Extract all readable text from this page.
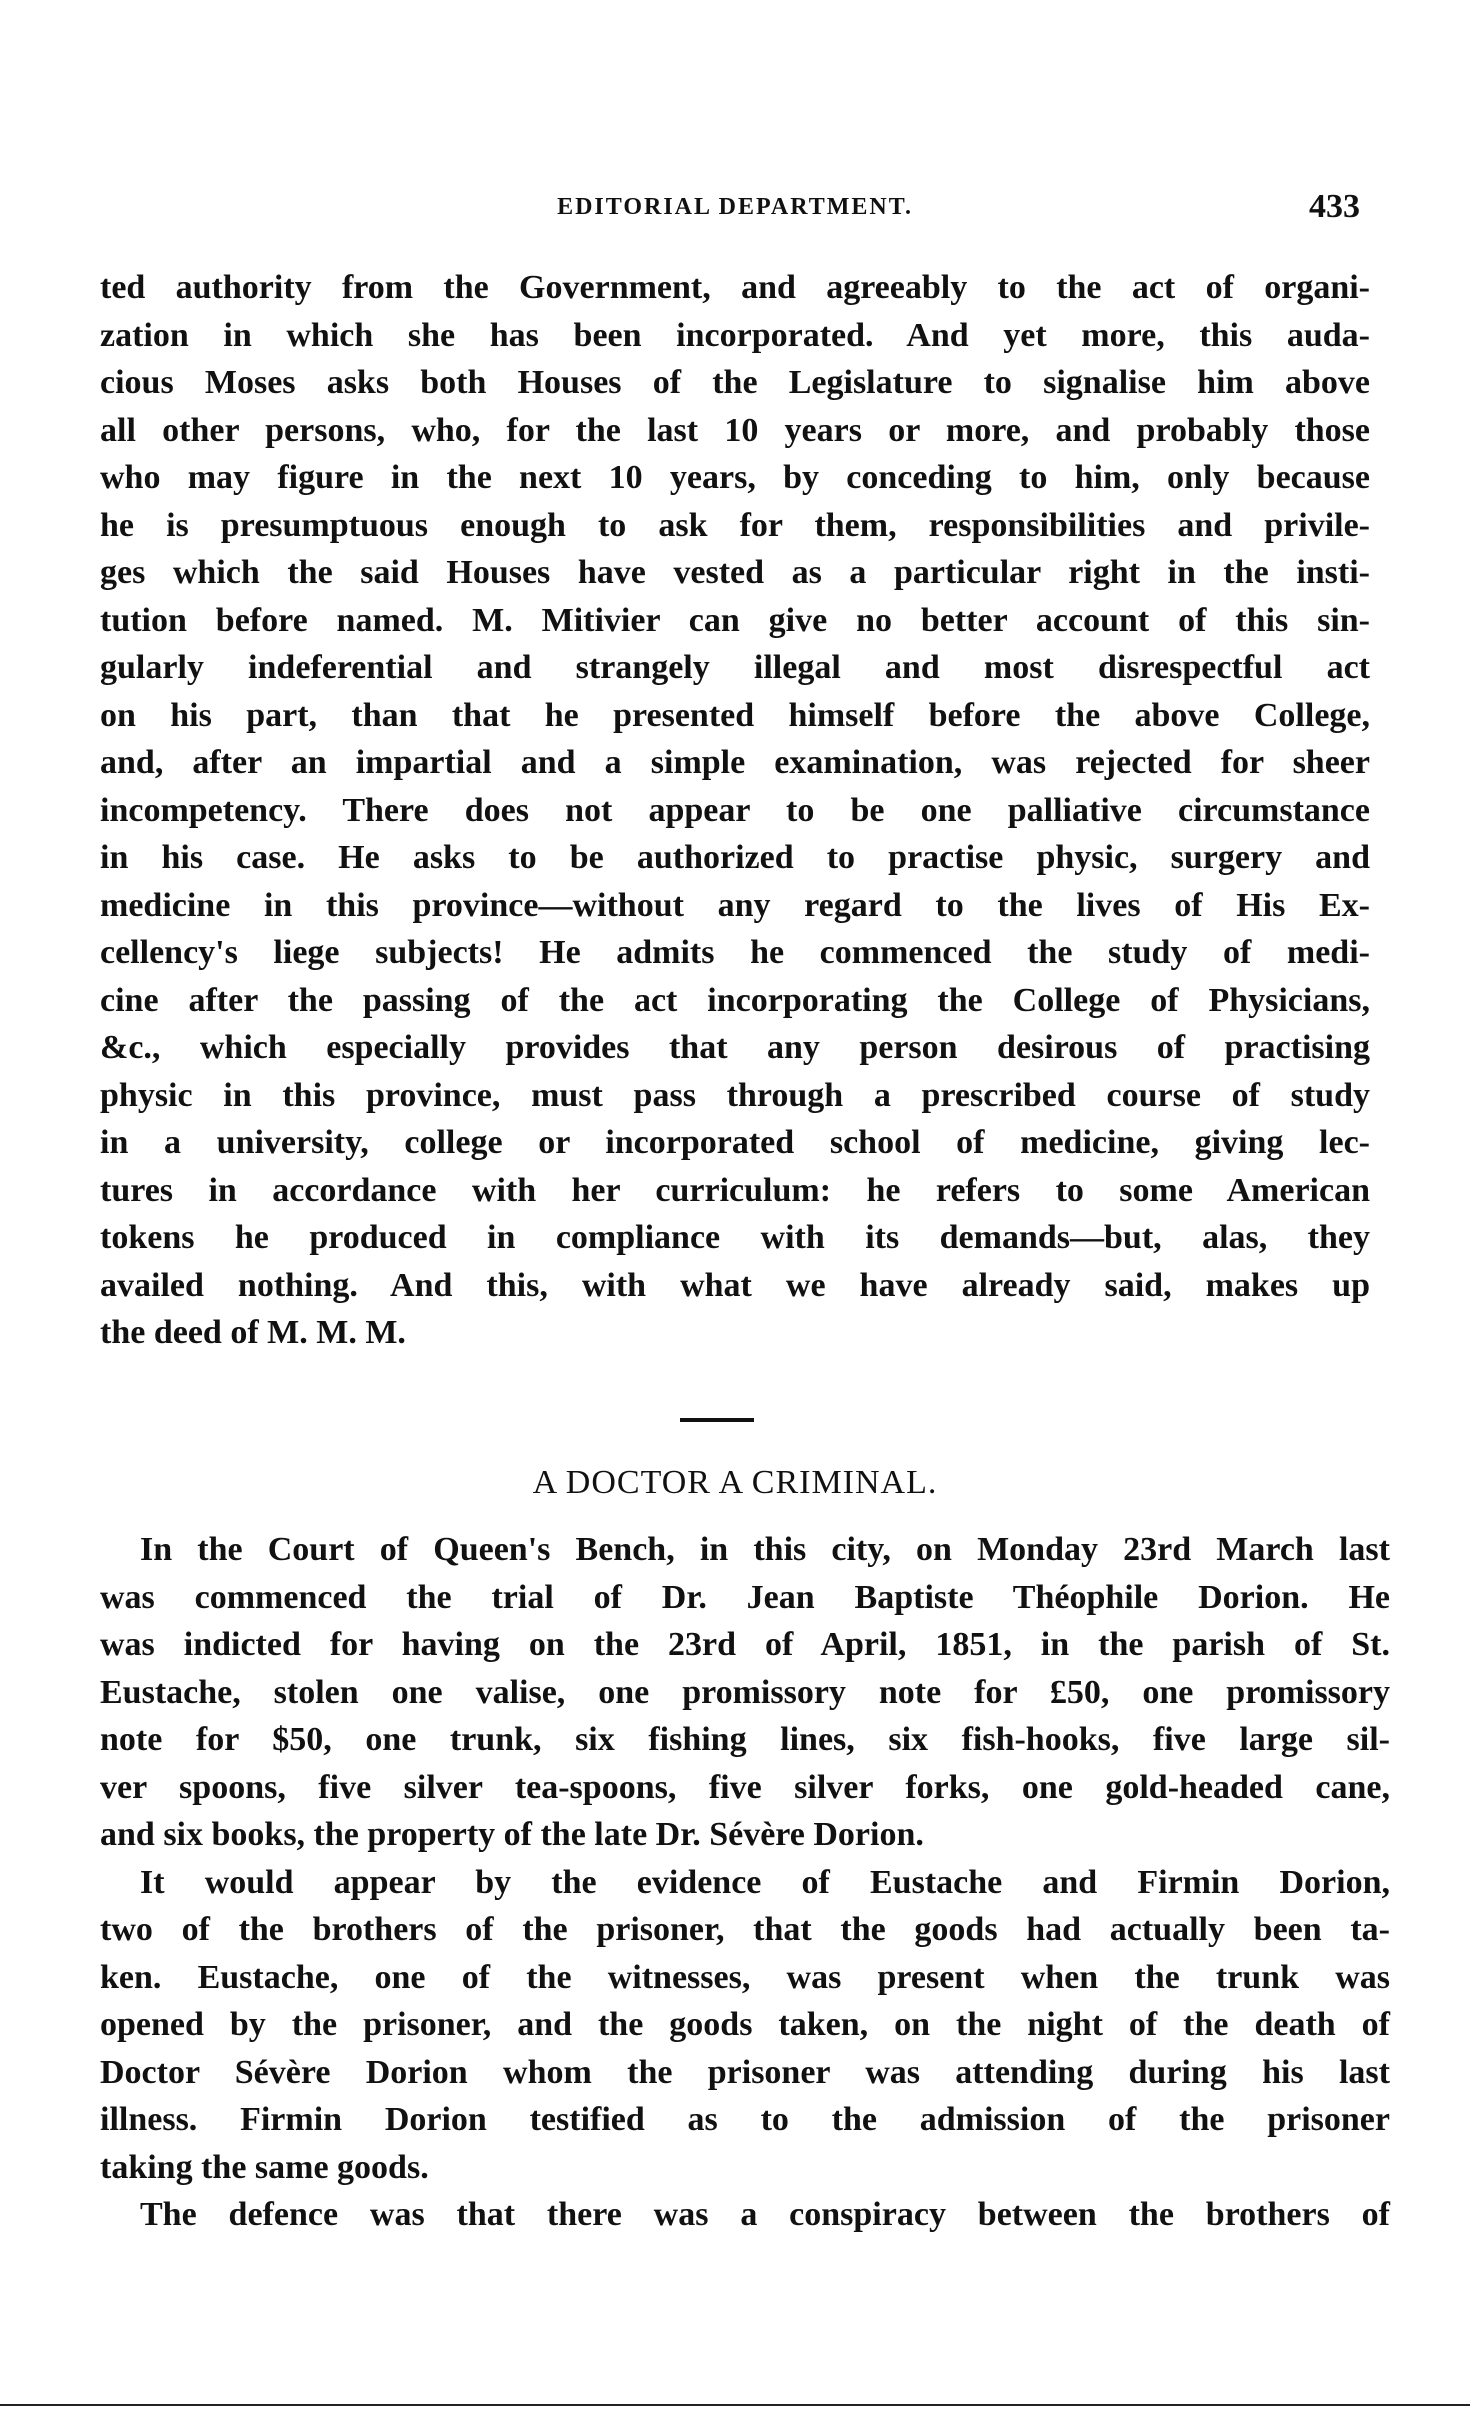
EDITORIAL DEPARTMENT.	433
ted authority from the Government, and agreeably to the act of organi-
zation in which she has been incorporated. And yet more, this auda-
cious Moses asks both Houses of the Legislature to signalise him above
all other persons, who, for the last 10 years or more, and probably those
who may figure in the next 10 years, by conceding to him, only because
he is presumptuous enough to ask for them, responsibilities and privile-
ges which the said Houses have vested as a particular right in the insti-
tution before named. M. Mitivier can give no better account of this sin-
gularly indeferential and strangely illegal and most disrespectful act
on his part, than that he presented himself before the above College,
and, after an impartial and a simple examination, was rejected for sheer
incompetency. There does not appear to be one palliative circumstance
in his case. He asks to be authorized to practise physic, surgery and
medicine in this province—without any regard to the lives of His Ex-
cellency's liege subjects! He admits he commenced the study of medi-
cine after the passing of the act incorporating the College of Physicians,
&c., which especially provides that any person desirous of practising
physic in this province, must pass through a prescribed course of study
in a university, college or incorporated school of medicine, giving lec-
tures in accordance with her curriculum: he refers to some American
tokens he produced in compliance with its demands—but, alas, they
availed nothing. And this, with what we have already said, makes up
the deed of M. M. M.
A DOCTOR A CRIMINAL.
In the Court of Queen's Bench, in this city, on Monday 23rd March last
was commenced the trial of Dr. Jean Baptiste Théophile Dorion. He
was indicted for having on the 23rd of April, 1851, in the parish of St.
Eustache, stolen one valise, one promissory note for £50, one promissory
note for $50, one trunk, six fishing lines, six fish-hooks, five large sil-
ver spoons, five silver tea-spoons, five silver forks, one gold-headed cane,
and six books, the property of the late Dr. Sévère Dorion.
It would appear by the evidence of Eustache and Firmin Dorion,
two of the brothers of the prisoner, that the goods had actually been ta-
ken. Eustache, one of the witnesses, was present when the trunk was
opened by the prisoner, and the goods taken, on the night of the death of
Doctor Sévère Dorion whom the prisoner was attending during his last
illness. Firmin Dorion testified as to the admission of the prisoner
taking the same goods.
The defence was that there was a conspiracy between the brothers of
